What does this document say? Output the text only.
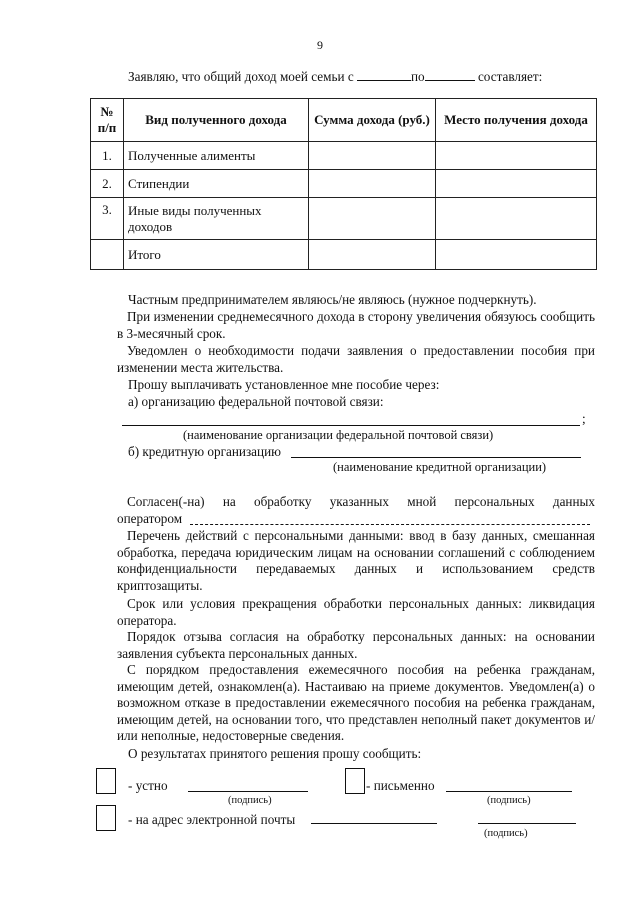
9
Заявляю, что общий доход моей семьи с	по	составляет:
№ п/п	Вид полученного дохода	Сумма дохода (руб.)	Место получения дохода
1.	Полученные алименты		
2.	Стипендии		
3.	Иные виды полученных доходов		
	Итого		
Частным предпринимателем являюсь/не являюсь (нужное подчеркнуть).
При изменении среднемесячного дохода в сторону увеличения обязуюсь сообщить в 3-месячный срок.
Уведомлен о необходимости подачи заявления о предоставлении пособия при изменении места жительства.
Прошу выплачивать установленное мне пособие через:
а) организацию федеральной почтовой связи:
;
(наименование организации федеральной почтовой связи)
б) кредитную организацию
(наименование кредитной организации)
Согласен(-на) на обработку указанных мной персональных данных
оператором
Перечень действий с персональными данными: ввод в базу данных, смешанная обработка, передача юридическим лицам на основании соглашений с соблюдением конфиденциальности передаваемых данных и использованием средств криптозащиты.
Срок или условия прекращения обработки персональных данных: ликвидация оператора.
Порядок отзыва согласия на обработку персональных данных: на основании заявления субъекта персональных данных.
С порядком предоставления ежемесячного пособия на ребенка гражданам, имеющим детей, ознакомлен(а). Настаиваю на приеме документов. Уведомлен(а) о возможном отказе в предоставлении ежемесячного пособия на ребенка гражданам, имеющим детей, на основании того, что представлен неполный пакет документов и/или неполные, недостоверные сведения.
О результатах принятого решения прошу сообщить:
- устно
(подпись)
- письменно
(подпись)
- на адрес электронной почты
(подпись)
